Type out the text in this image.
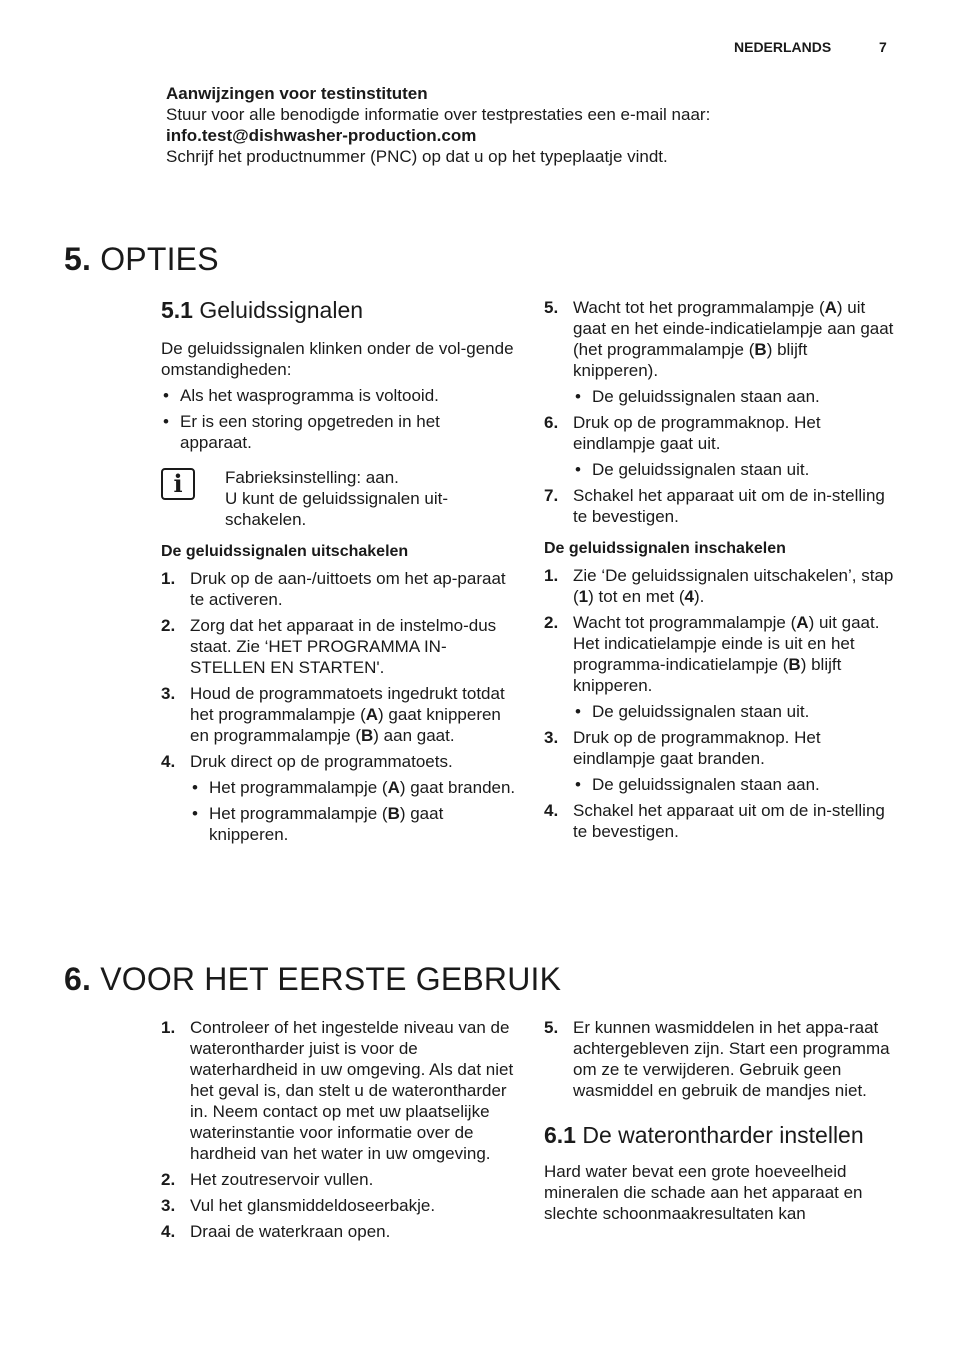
NEDERLANDS	7
Aanwijzingen voor testinstituten
Stuur voor alle benodigde informatie over testprestaties een e-mail naar:
info.test@dishwasher-production.com
Schrijf het productnummer (PNC) op dat u op het typeplaatje vindt.
5. OPTIES
5.1 Geluidssignalen
De geluidssignalen klinken onder de vol-gende omstandigheden:
• Als het wasprogramma is voltooid.
• Er is een storing opgetreden in het apparaat.
i	Fabrieksinstelling: aan.
U kunt de geluidssignalen uit-schakelen.
De geluidssignalen uitschakelen
1. Druk op de aan-/uittoets om het ap-paraat te activeren.
2. Zorg dat het apparaat in de instelmo-dus staat. Zie ‘HET PROGRAMMA IN-STELLEN EN STARTEN'.
3. Houd de programmatoets ingedrukt totdat het programmalampje (A) gaat knipperen en programmalampje (B) aan gaat.
4. Druk direct op de programmatoets.
• Het programmalampje (A) gaat branden.
• Het programmalampje (B) gaat knipperen.
5. Wacht tot het programmalampje (A) uit gaat en het einde-indicatielampje aan gaat (het programmalampje (B) blijft knipperen).
• De geluidssignalen staan aan.
6. Druk op de programmaknop. Het eindlampje gaat uit.
• De geluidssignalen staan uit.
7. Schakel het apparaat uit om de in-stelling te bevestigen.
De geluidssignalen inschakelen
1. Zie ‘De geluidssignalen uitschakelen’, stap (1) tot en met (4).
2. Wacht tot programmalampje (A) uit gaat. Het indicatielampje einde is uit en het programma-indicatielampje (B) blijft knipperen.
• De geluidssignalen staan uit.
3. Druk op de programmaknop. Het eindlampje gaat branden.
• De geluidssignalen staan aan.
4. Schakel het apparaat uit om de in-stelling te bevestigen.
6. VOOR HET EERSTE GEBRUIK
1. Controleer of het ingestelde niveau van de waterontharder juist is voor de waterhardheid in uw omgeving. Als dat niet het geval is, dan stelt u de waterontharder in. Neem contact op met uw plaatselijke waterinstantie voor informatie over de hardheid van het water in uw omgeving.
2. Het zoutreservoir vullen.
3. Vul het glansmiddeldoseerbakje.
4. Draai de waterkraan open.
5. Er kunnen wasmiddelen in het appa-raat achtergebleven zijn. Start een programma om ze te verwijderen. Gebruik geen wasmiddel en gebruik de mandjes niet.
6.1 De waterontharder instellen
Hard water bevat een grote hoeveelheid mineralen die schade aan het apparaat en slechte schoonmaakresultaten kan
